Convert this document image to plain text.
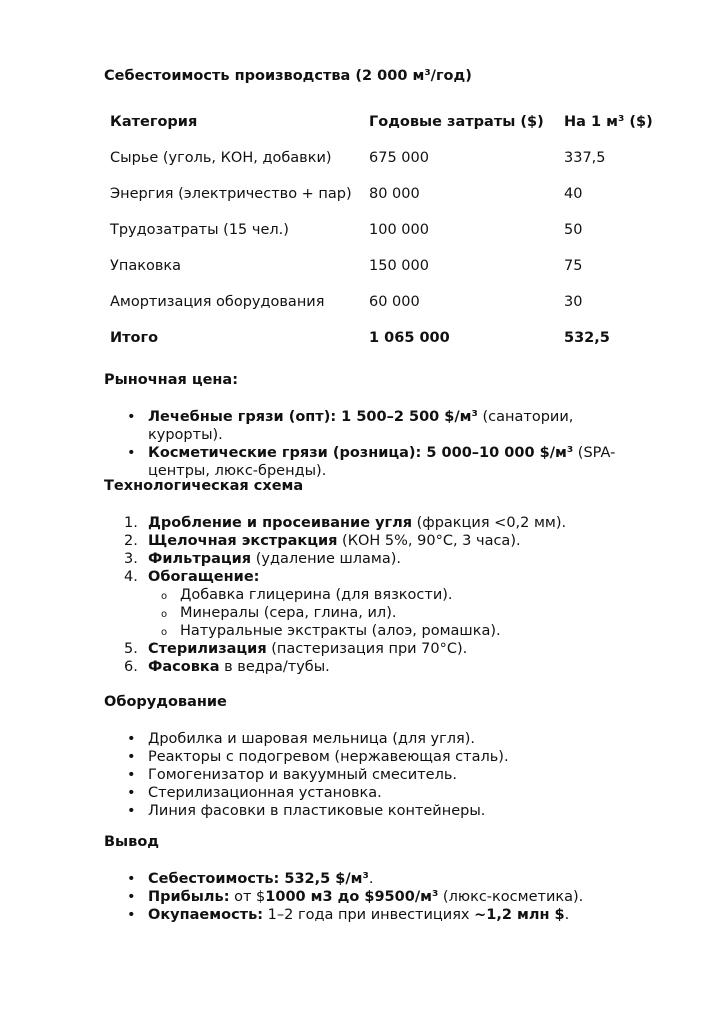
Себестоимость производства (2 000 м³/год)
Категория	Годовые затраты ($)	На 1 м³ ($)
Сырье (уголь, КОН, добавки)	675 000	337,5
Энергия (электричество + пар)	80 000	40
Трудозатраты (15 чел.)	100 000	50
Упаковка	150 000	75
Амортизация оборудования	60 000	30
Итого	1 065 000	532,5
Рыночная цена:
• Лечебные грязи (опт): 1 500–2 500 $/м³ (санатории, курорты).
• Косметические грязи (розница): 5 000–10 000 $/м³ (SPA-центры, люкс-бренды).
Технологическая схема
1. Дробление и просеивание угля (фракция <0,2 мм).
2. Щелочная экстракция (КОН 5%, 90°C, 3 часа).
3. Фильтрация (удаление шлама).
4. Обогащение:
o Добавка глицерина (для вязкости).
o Минералы (сера, глина, ил).
o Натуральные экстракты (алоэ, ромашка).
5. Стерилизация (пастеризация при 70°C).
6. Фасовка в ведра/тубы.
Оборудование
• Дробилка и шаровая мельница (для угля).
• Реакторы с подогревом (нержавеющая сталь).
• Гомогенизатор и вакуумный смеситель.
• Стерилизационная установка.
• Линия фасовки в пластиковые контейнеры.
Вывод
• Себестоимость: 532,5 $/м³.
• Прибыль: от $1000 м3 до $9500/м³ (люкс-косметика).
• Окупаемость: 1–2 года при инвестициях ~1,2 млн $.
